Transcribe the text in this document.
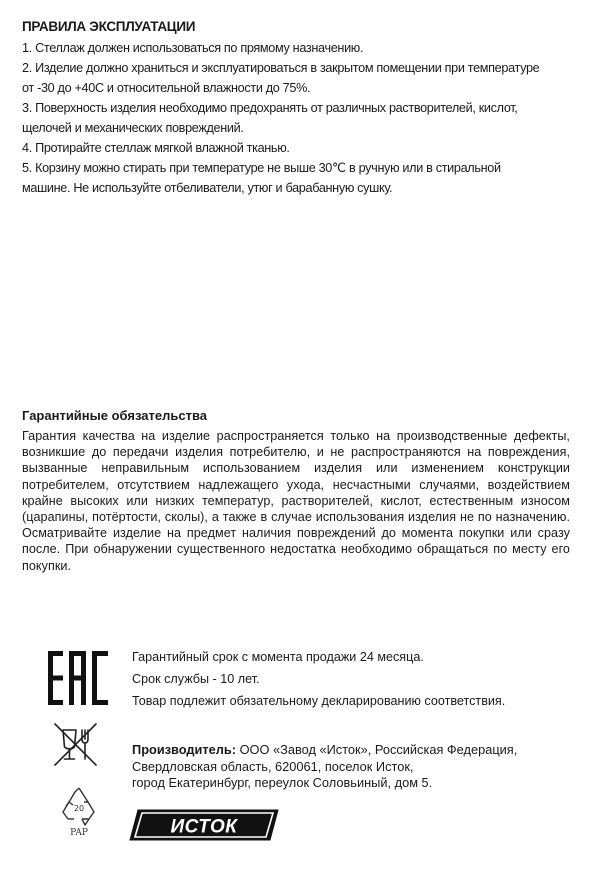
ПРАВИЛА ЭКСПЛУАТАЦИИ

1. Стеллаж должен использоваться по прямому назначению.

2. Изделие должно храниться и эксплуатироваться в закрытом помещении при температуре

от -30 до +40С и относительной влажности до 75%.

3. Поверхность изделия необходимо предохранять от различных растворителей, кислот,

щелочей и механических повреждений.

4. Протирайте стеллаж мягкой влажной тканью.

5. Корзину можно стирать при температуре не выше 30℃ в ручную или в стиральной

машине. Не используйте отбеливатели, утюг и барабанную сушку.

Гарантийные обязательства
Гарантия качества на изделие распространяется только на производственные дефекты, возникшие до передачи изделия потребителю, и не распространяются на повреждения, вызванные неправильным использованием изделия или изменением конструкции потребителем, отсутствием надлежащего ухода, несчастными случаями, воздействием крайне высоких или низких температур, растворителей, кислот, естественным износом (царапины, потёртости, сколы), а также в случае использования изделия не по назначению. Осматривайте изделие на предмет наличия повреждений до момента покупки или сразу после. При обнаружении существенного недостатка необходимо обращаться по месту его покупки.
Гарантийный срок с момента продажи 24 месяца.
Срок службы - 10 лет.
Товар подлежит обязательному декларированию соответствия.
20
PAP
Производитель: ООО «Завод «Исток», Российская Федерация,
Свердловская область, 620061, поселок Исток,
город Екатеринбург, переулок Соловьиный, дом 5.
ИСТОК
